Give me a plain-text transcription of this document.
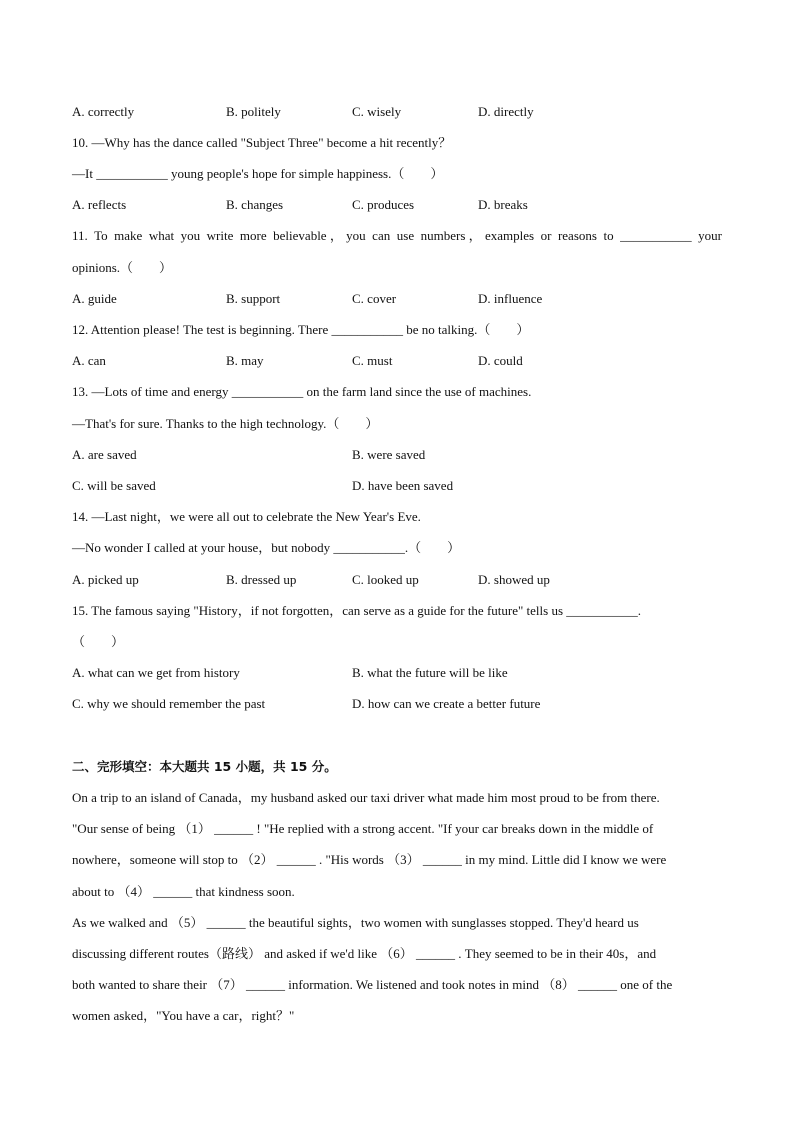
A. correctly	B. politely	C. wisely	D. directly
10. —Why has the dance called "Subject Three" become a hit recently？
—It ___________ young people's hope for simple happiness.（　　）
A. reflects	B. changes	C. produces	D. breaks
11. To make what you write more believable，you can use numbers，examples or reasons to ___________ your
opinions.（　　）
A. guide	B. support	C. cover	D. influence
12. Attention please! The test is beginning. There ___________ be no talking.（　　）
A. can	B. may	C. must	D. could
13. —Lots of time and energy ___________ on the farm land since the use of machines.
—That's for sure. Thanks to the high technology.（　　）
A. are saved	B. were saved
C. will be saved	D. have been saved
14. —Last night，we were all out to celebrate the New Year's Eve.
—No wonder I called at your house，but nobody ___________.（　　）
A. picked up	B. dressed up	C. looked up	D. showed up
15. The famous saying "History，if not forgotten，can serve as a guide for the future" tells us ___________.
（　　）
A. what can we get from history	B. what the future will be like
C. why we should remember the past	D. how can we create a better future
二、完形填空：本大题共 15 小题，共 15 分。
On a trip to an island of Canada，my husband asked our taxi driver what made him most proud to be from there.
"Our sense of being （1） ______ ! "He replied with a strong accent. "If your car breaks down in the middle of
nowhere，someone will stop to （2） ______ . "His words （3） ______ in my mind. Little did I know we were
about to （4） ______ that kindness soon.
As we walked and （5） ______ the beautiful sights，two women with sunglasses stopped. They'd heard us
discussing different routes（路线） and asked if we'd like （6） ______ . They seemed to be in their 40s，and
both wanted to share their （7） ______ information. We listened and took notes in mind （8） ______ one of the
women asked，"You have a car，right？"
